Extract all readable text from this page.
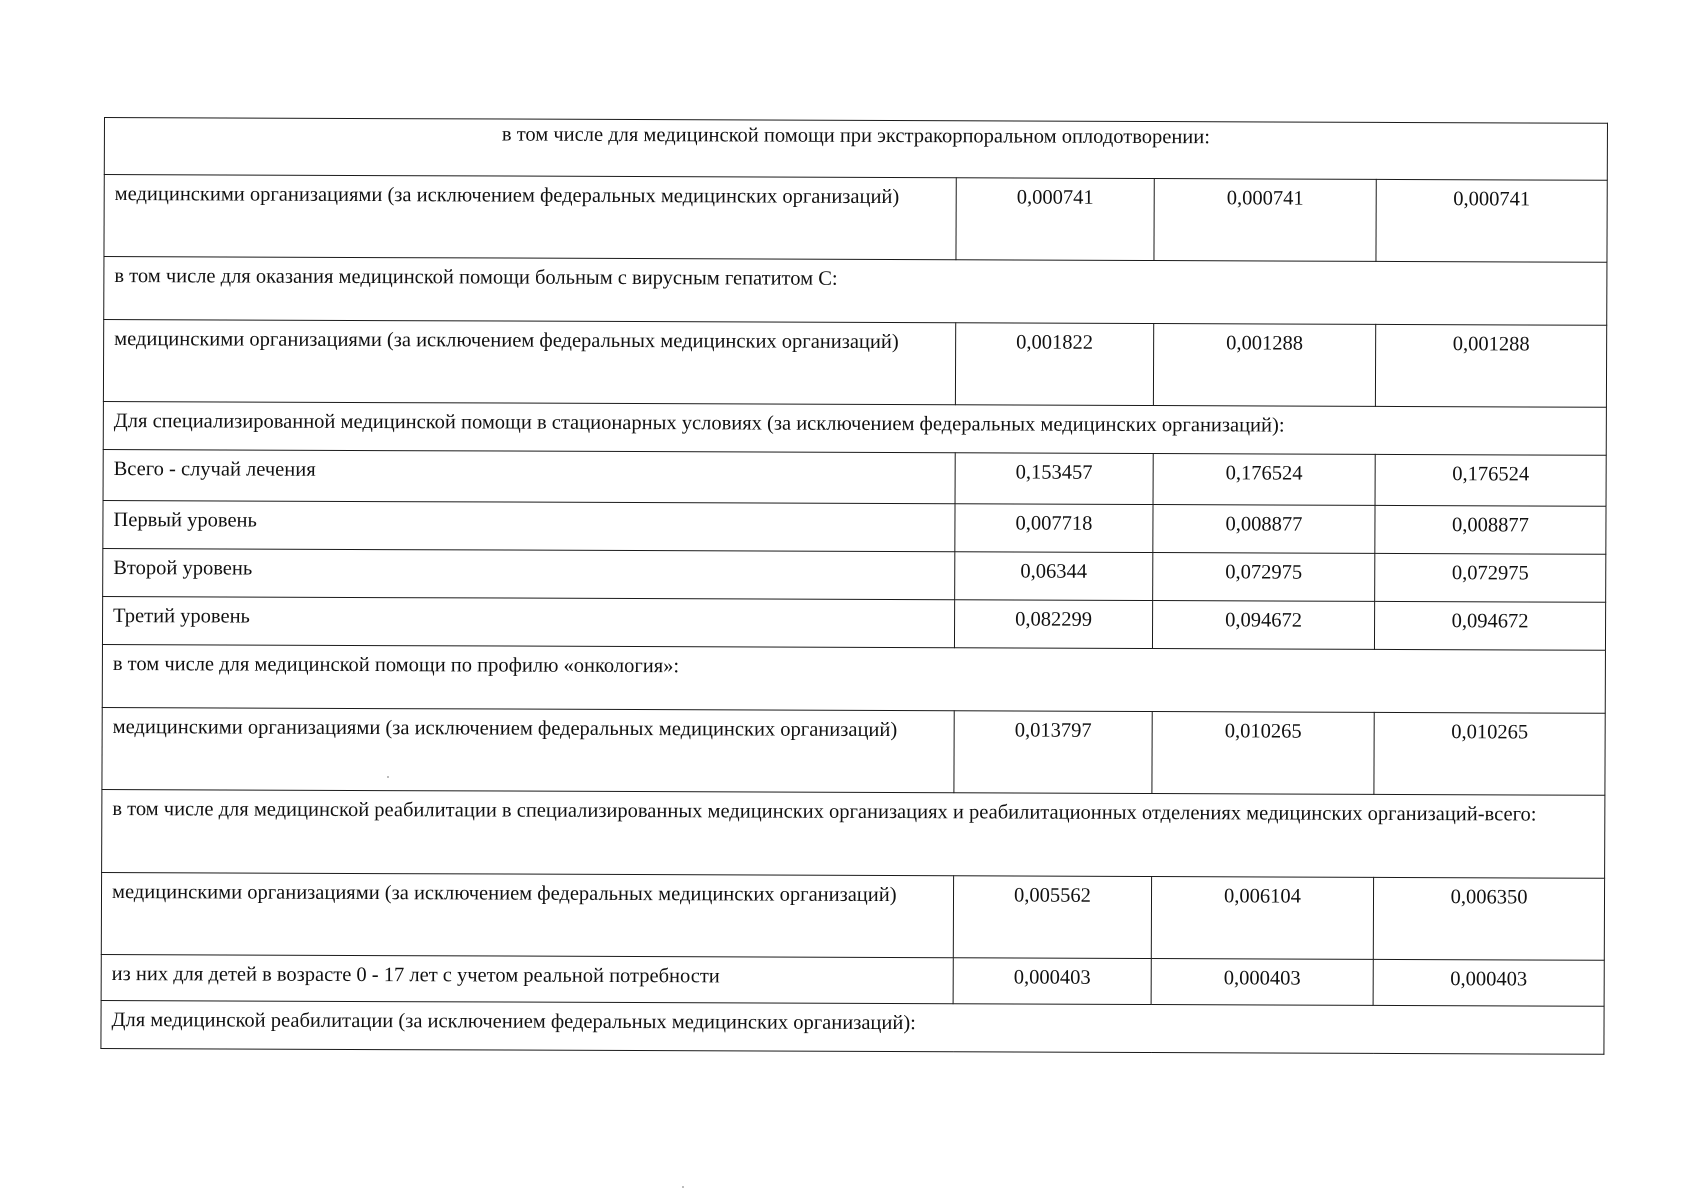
в том числе для медицинской помощи при экстракорпоральном оплодотворении:			
медицинскими организациями (за исключением федеральных медицинских организаций)	0,000741	0,000741	0,000741
в том числе для оказания медицинской помощи больным с вирусным гепатитом С:			
медицинскими организациями (за исключением федеральных медицинских организаций)	0,001822	0,001288	0,001288
Для специализированной медицинской помощи в стационарных условиях (за исключением федеральных медицинских организаций):			
Всего - случай лечения	0,153457	0,176524	0,176524
Первый уровень	0,007718	0,008877	0,008877
Второй уровень	0,06344	0,072975	0,072975
Третий уровень	0,082299	0,094672	0,094672
в том числе для медицинской помощи по профилю «онкология»:			
медицинскими организациями (за исключением федеральных медицинских организаций)	0,013797	0,010265	0,010265
в том числе для медицинской реабилитации в специализированных медицинских организациях и реабилитационных отделениях медицинских организаций-всего:			
медицинскими организациями (за исключением федеральных медицинских организаций)	0,005562	0,006104	0,006350
из них для детей в возрасте 0 - 17 лет с учетом реальной потребности	0,000403	0,000403	0,000403
Для медицинской реабилитации (за исключением федеральных медицинских организаций):			
